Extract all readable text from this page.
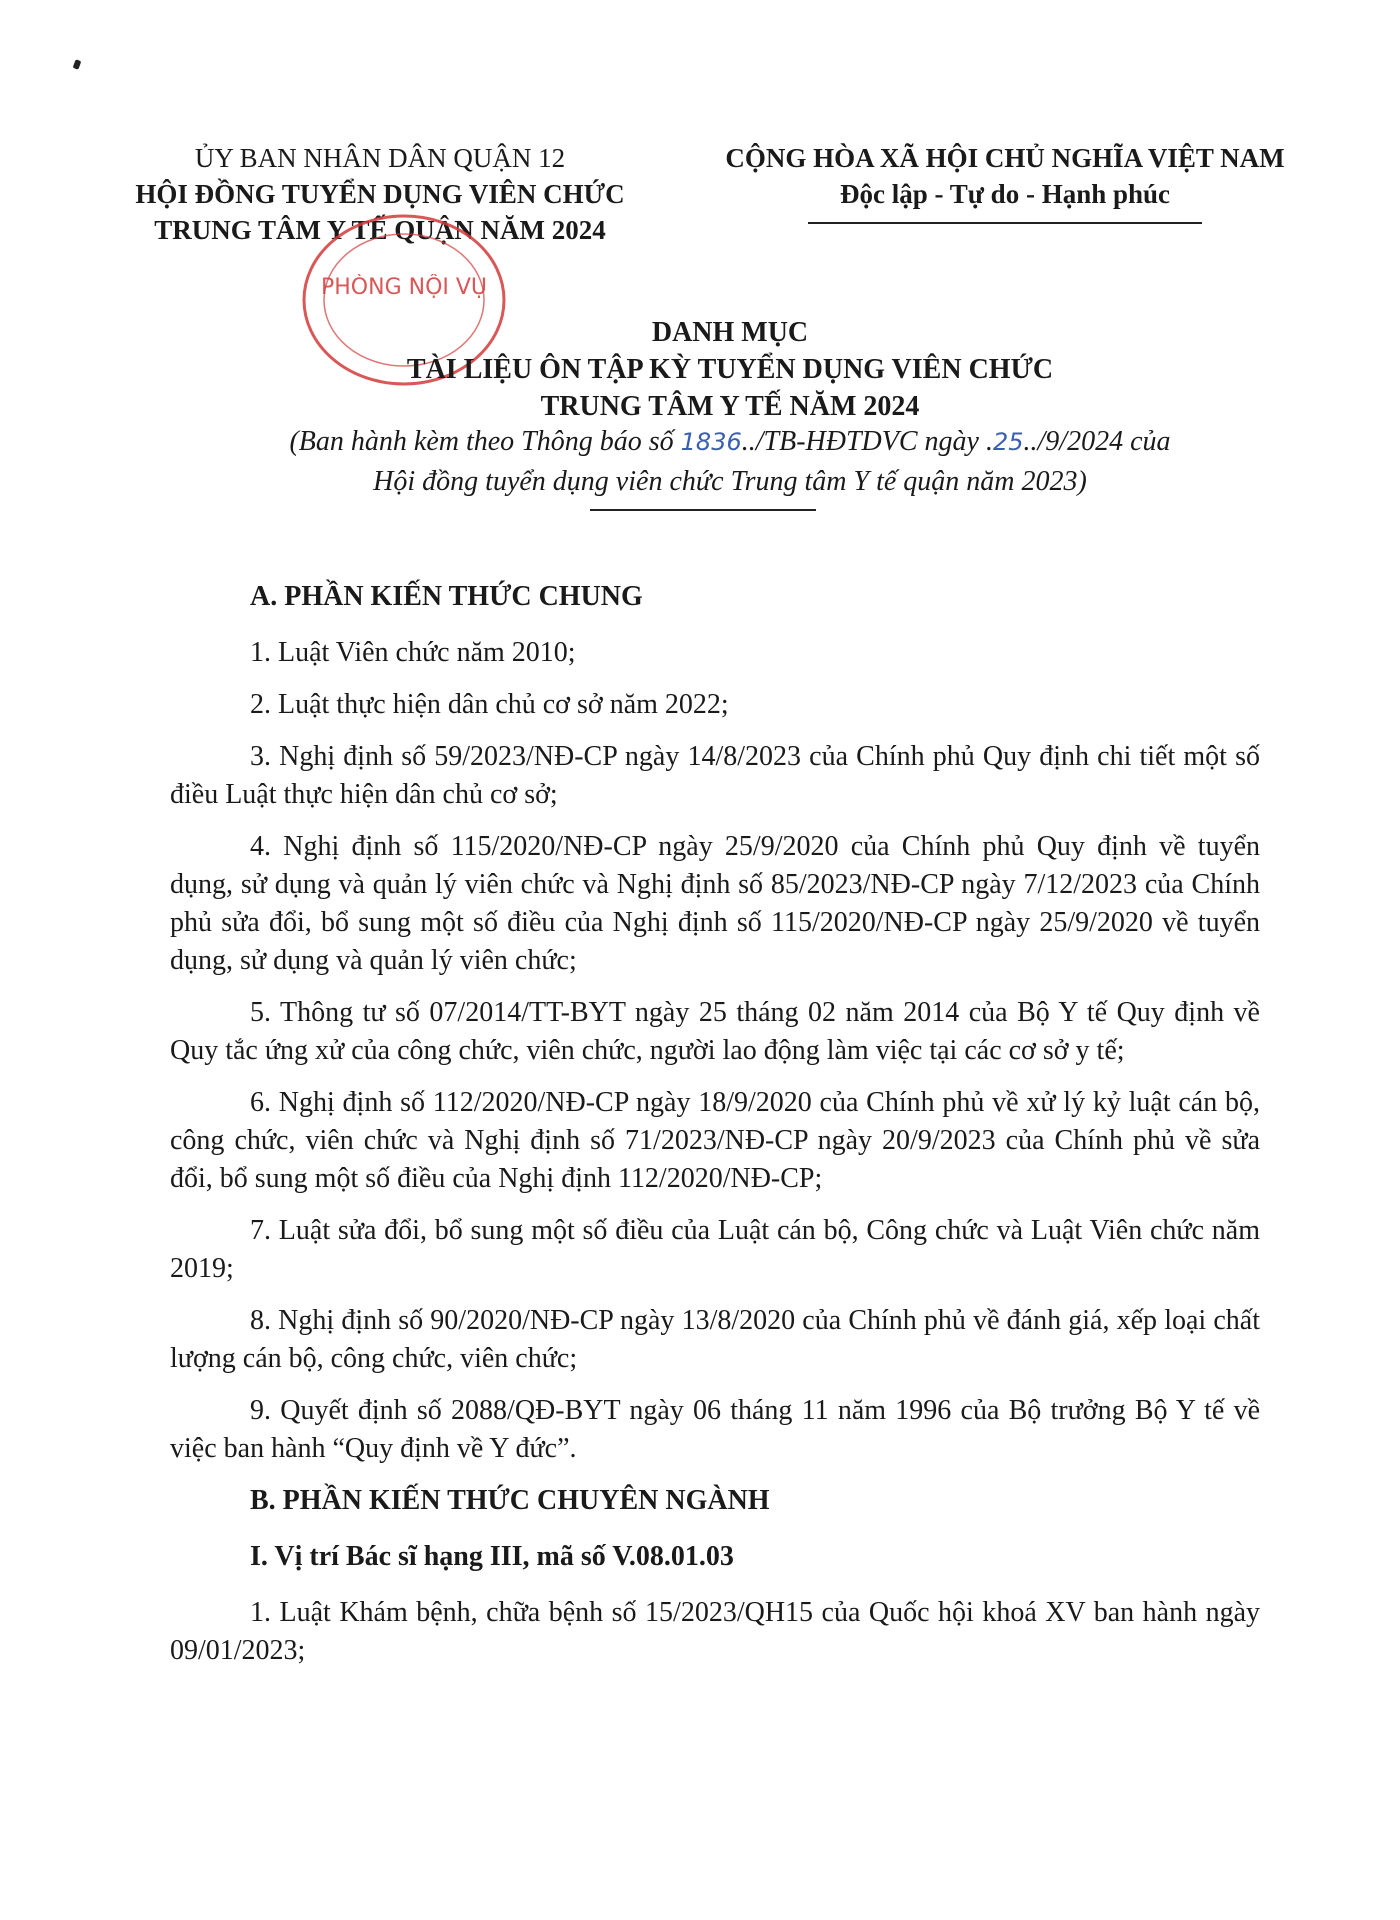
ỦY BAN NHÂN DÂN QUẬN 12
HỘI ĐỒNG TUYỂN DỤNG VIÊN CHỨC
TRUNG TÂM Y TẾ QUẬN NĂM 2024
CỘNG HÒA XÃ HỘI CHỦ NGHĨA VIỆT NAM
Độc lập - Tự do - Hạnh phúc
PHÒNG NỘI VỤ
DANH MỤC
TÀI LIỆU ÔN TẬP KỲ TUYỂN DỤNG VIÊN CHỨC
TRUNG TÂM Y TẾ NĂM 2024
(Ban hành kèm theo Thông báo số 1836../TB-HĐTDVC ngày .25../9/2024 của
Hội đồng tuyển dụng viên chức Trung tâm Y tế quận năm 2023)
A. PHẦN KIẾN THỨC CHUNG

1. Luật Viên chức năm 2010;

2. Luật thực hiện dân chủ cơ sở năm 2022;

3. Nghị định số 59/2023/NĐ-CP ngày 14/8/2023 của Chính phủ Quy định chi tiết một số điều Luật thực hiện dân chủ cơ sở;

4. Nghị định số 115/2020/NĐ-CP ngày 25/9/2020 của Chính phủ Quy định về tuyển dụng, sử dụng và quản lý viên chức và Nghị định số 85/2023/NĐ-CP ngày 7/12/2023 của Chính phủ sửa đổi, bổ sung một số điều của Nghị định số 115/2020/NĐ-CP ngày 25/9/2020 về tuyển dụng, sử dụng và quản lý viên chức;

5. Thông tư số 07/2014/TT-BYT ngày 25 tháng 02 năm 2014 của Bộ Y tế Quy định về Quy tắc ứng xử của công chức, viên chức, người lao động làm việc tại các cơ sở y tế;

6. Nghị định số 112/2020/NĐ-CP ngày 18/9/2020 của Chính phủ về xử lý kỷ luật cán bộ, công chức, viên chức và Nghị định số 71/2023/NĐ-CP ngày 20/9/2023 của Chính phủ về sửa đổi, bổ sung một số điều của Nghị định 112/2020/NĐ-CP;

7. Luật sửa đổi, bổ sung một số điều của Luật cán bộ, Công chức và Luật Viên chức năm 2019;

8. Nghị định số 90/2020/NĐ-CP ngày 13/8/2020 của Chính phủ về đánh giá, xếp loại chất lượng cán bộ, công chức, viên chức;

9. Quyết định số 2088/QĐ-BYT ngày 06 tháng 11 năm 1996 của Bộ trưởng Bộ Y tế về việc ban hành “Quy định về Y đức”.

B. PHẦN KIẾN THỨC CHUYÊN NGÀNH
I. Vị trí Bác sĩ hạng III, mã số V.08.01.03

1. Luật Khám bệnh, chữa bệnh số 15/2023/QH15 của Quốc hội khoá XV ban hành ngày 09/01/2023;
